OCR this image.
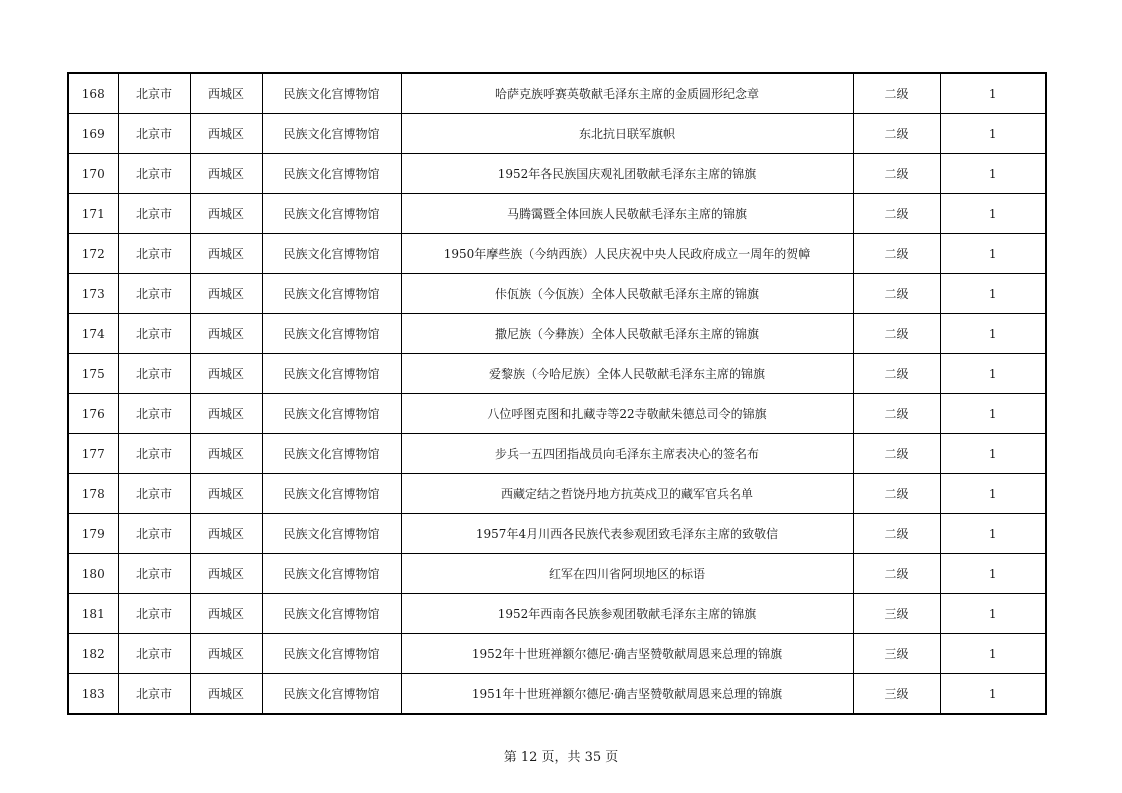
168	北京市	西城区	民族文化宫博物馆	哈萨克族呼赛英敬献毛泽东主席的金质圆形纪念章	二级	1
169	北京市	西城区	民族文化宫博物馆	东北抗日联军旗帜	二级	1
170	北京市	西城区	民族文化宫博物馆	1952年各民族国庆观礼团敬献毛泽东主席的锦旗	二级	1
171	北京市	西城区	民族文化宫博物馆	马腾霭暨全体回族人民敬献毛泽东主席的锦旗	二级	1
172	北京市	西城区	民族文化宫博物馆	1950年摩些族（今纳西族）人民庆祝中央人民政府成立一周年的贺幛	二级	1
173	北京市	西城区	民族文化宫博物馆	佧佤族（今佤族）全体人民敬献毛泽东主席的锦旗	二级	1
174	北京市	西城区	民族文化宫博物馆	撒尼族（今彝族）全体人民敬献毛泽东主席的锦旗	二级	1
175	北京市	西城区	民族文化宫博物馆	爱黎族（今哈尼族）全体人民敬献毛泽东主席的锦旗	二级	1
176	北京市	西城区	民族文化宫博物馆	八位呼图克图和扎藏寺等22寺敬献朱德总司令的锦旗	二级	1
177	北京市	西城区	民族文化宫博物馆	步兵一五四团指战员向毛泽东主席表决心的签名布	二级	1
178	北京市	西城区	民族文化宫博物馆	西藏定结之哲饶丹地方抗英戍卫的藏军官兵名单	二级	1
179	北京市	西城区	民族文化宫博物馆	1957年4月川西各民族代表参观团致毛泽东主席的致敬信	二级	1
180	北京市	西城区	民族文化宫博物馆	红军在四川省阿坝地区的标语	二级	1
181	北京市	西城区	民族文化宫博物馆	1952年西南各民族参观团敬献毛泽东主席的锦旗	三级	1
182	北京市	西城区	民族文化宫博物馆	1952年十世班禅额尔德尼·确吉坚赞敬献周恩来总理的锦旗	三级	1
183	北京市	西城区	民族文化宫博物馆	1951年十世班禅额尔德尼·确吉坚赞敬献周恩来总理的锦旗	三级	1
第 12 页，共 35 页
